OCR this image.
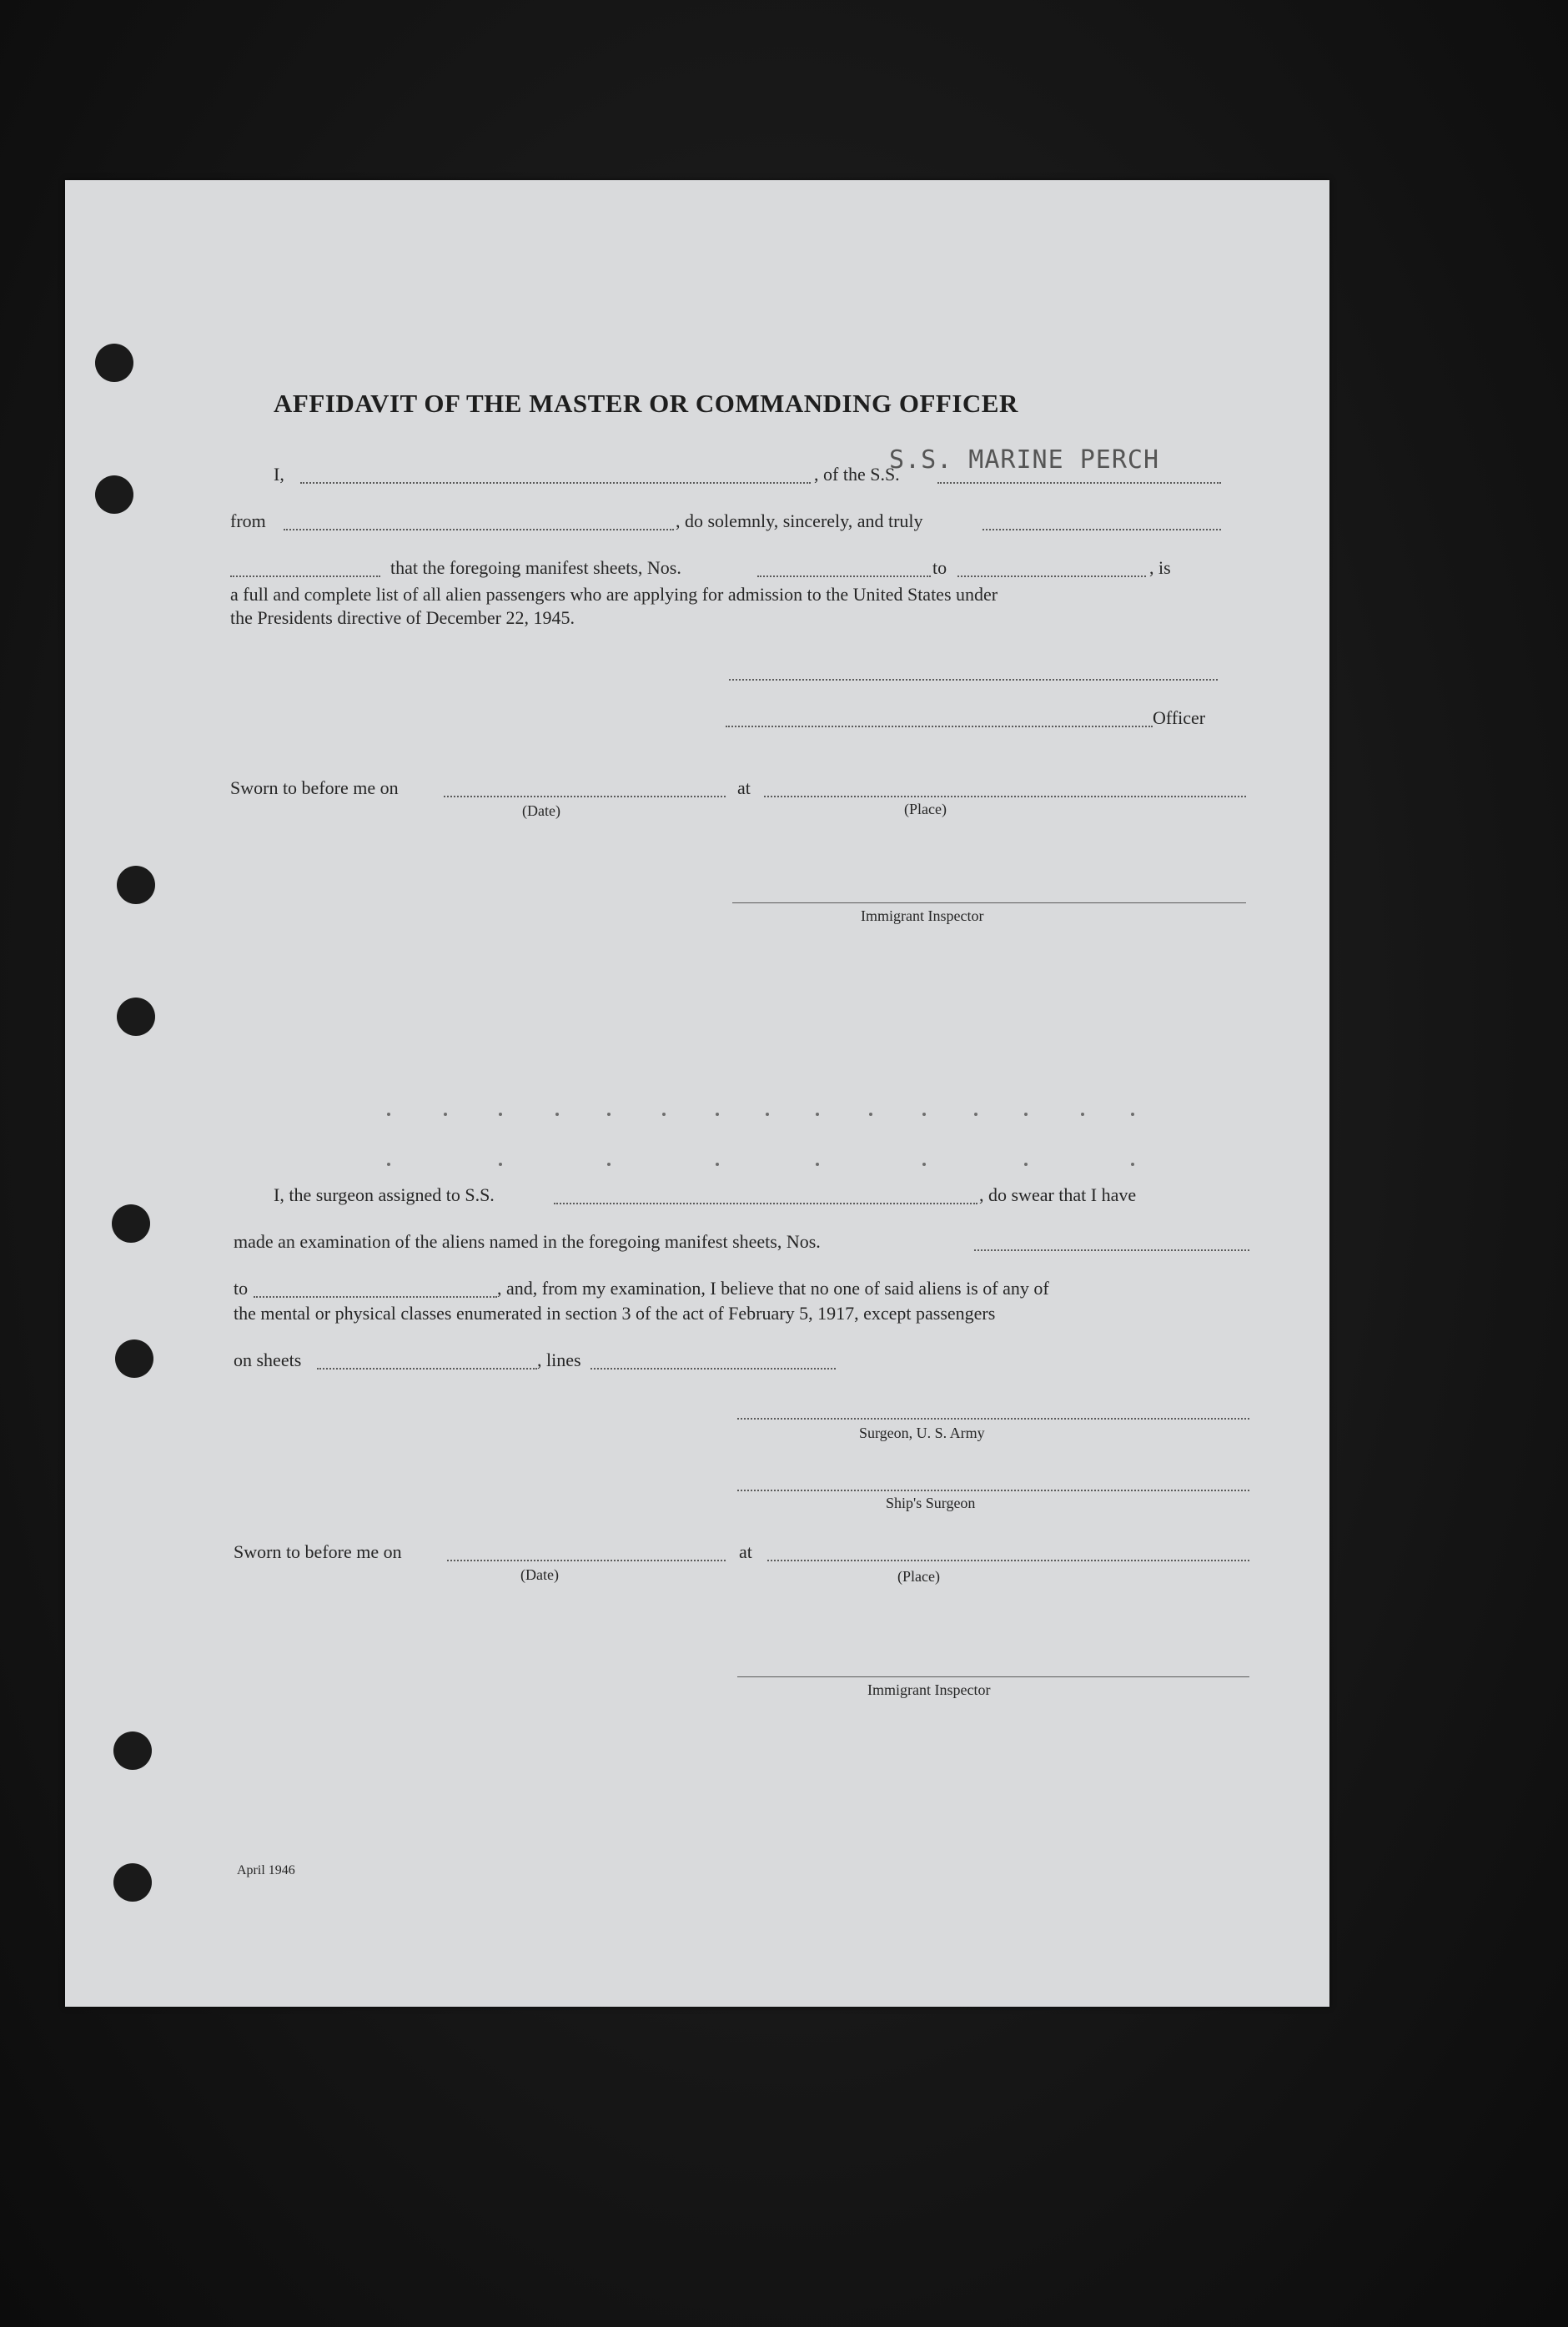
AFFIDAVIT OF THE MASTER OR COMMANDING OFFICER
I,	, of the S.S.
S.S. MARINE PERCH
from	, do solemnly, sincerely, and truly
that the foregoing manifest sheets, Nos.	to	, is
a full and complete list of all alien passengers who are applying for admission to the United States under
the Presidents directive of December 22, 1945.
Officer
Sworn to before me on	at
(Date)	(Place)
Immigrant Inspector
I, the surgeon assigned to S.S.	, do swear that I have
made an examination of the aliens named in the foregoing manifest sheets, Nos.
to	, and, from my examination, I believe that no one of said aliens is of any of
the mental or physical classes enumerated in section 3 of the act of February 5, 1917, except passengers
on sheets	, lines
Surgeon, U. S. Army
Ship's Surgeon
Sworn to before me on	at
(Date)	(Place)
Immigrant Inspector
April 1946
